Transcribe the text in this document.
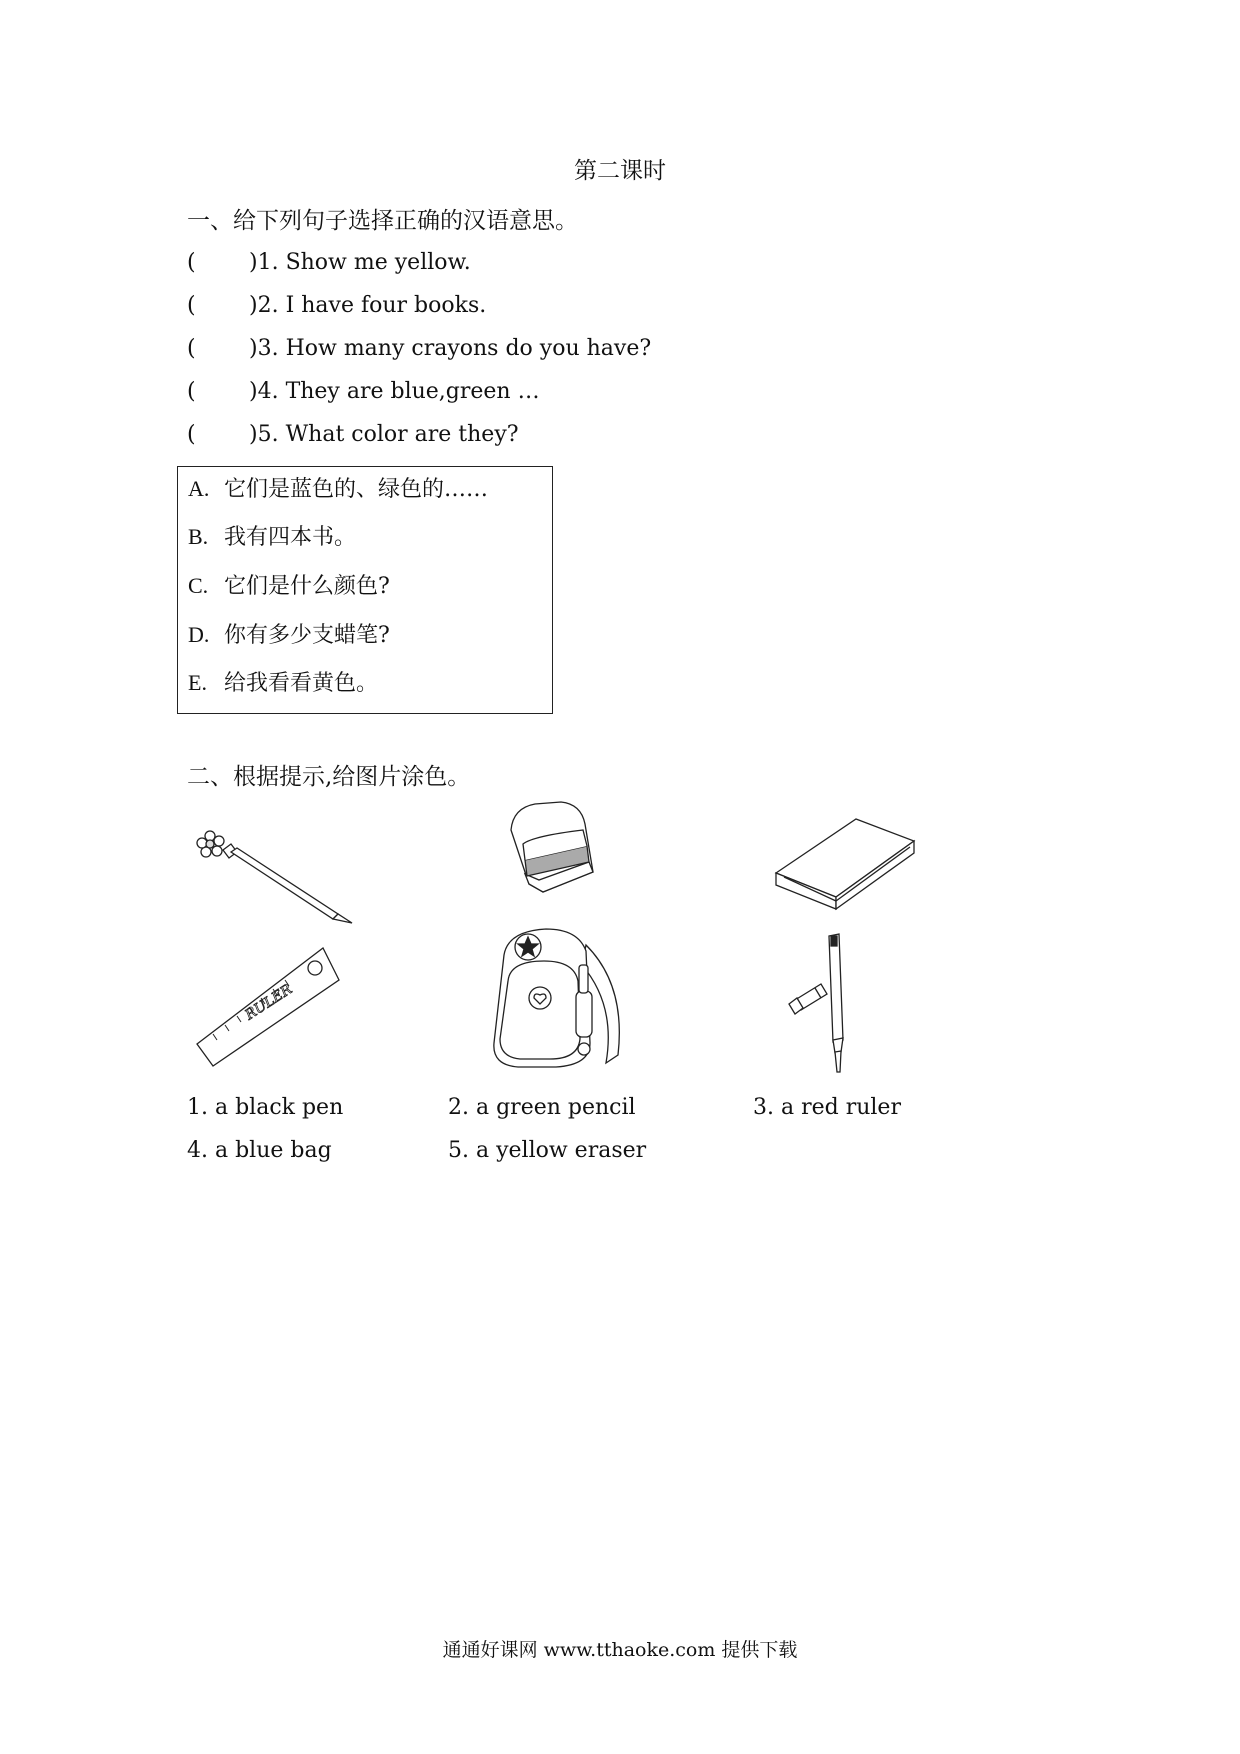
第二课时
一、给下列句子选择正确的汉语意思。
( )1. Show me yellow.
( )2. I have four books.
( )3. How many crayons do you have?
( )4. They are blue,green …
( )5. What color are they?
A. 它们是蓝色的、绿色的……
B. 我有四本书。
C. 它们是什么颜色?
D. 你有多少支蜡笔?
E. 给我看看黄色。
二、根据提示,给图片涂色。
RULER
1. a black pen	2. a green pencil	3. a red ruler
4. a blue bag	5. a yellow eraser
通通好课网 www.tthaoke.com 提供下载
